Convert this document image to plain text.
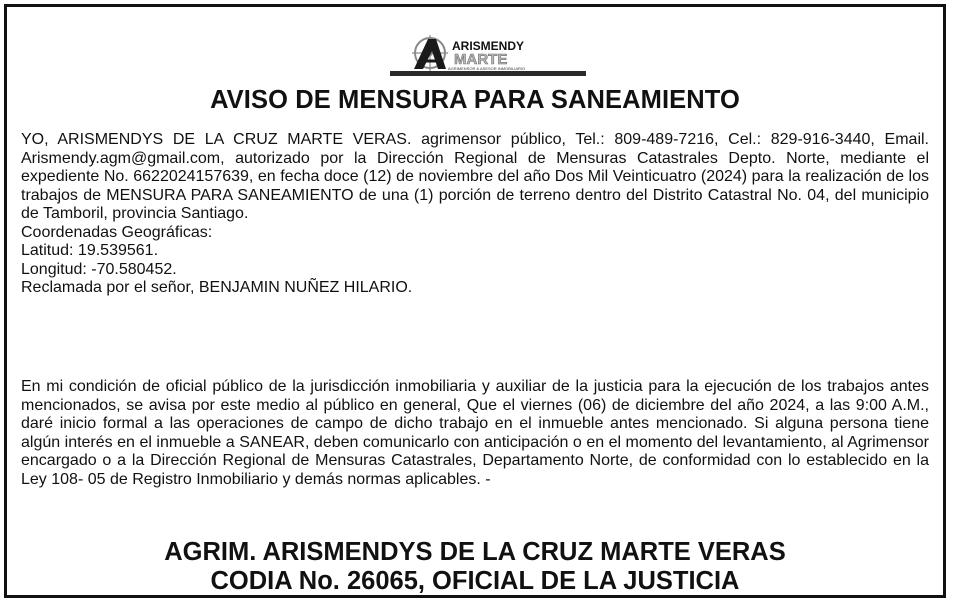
ARISMENDY
MARTE
AGRIMENSOR & ASESOR INMOBILIARIO
AVISO DE MENSURA PARA SANEAMIENTO

YO, ARISMENDYS DE LA CRUZ MARTE VERAS. agrimensor público, Tel.: 809-489-7216, Cel.: 829-916-3440, Email. Arismendy.agm@gmail.com, autorizado por la Dirección Regional de Mensuras Catastrales Depto. Norte, mediante el expediente No. 6622024157639, en fecha doce (12) de noviembre del año Dos Mil Veinticuatro (2024) para la realización de los trabajos de MENSURA PARA SANEAMIENTO de una (1) porción de terreno dentro del Distrito Catastral No. 04, del municipio de Tamboril, provincia Santiago.

Coordenadas Geográficas:
Latitud: 19.539561.
Longitud: -70.580452.
Reclamada por el señor, BENJAMIN NUÑEZ HILARIO.

En mi condición de oficial público de la jurisdicción inmobiliaria y auxiliar de la justicia para la ejecución de los trabajos antes mencionados, se avisa por este medio al público en general, Que el viernes (06) de diciembre del año 2024, a las 9:00 A.M., daré inicio formal a las operaciones de campo de dicho trabajo en el inmueble antes mencionado. Si alguna persona tiene algún interés en el inmueble a SANEAR, deben comunicarlo con anticipación o en el momento del levantamiento, al Agrimensor encargado o a la Dirección Regional de Mensuras Catastrales, Departamento Norte, de conformidad con lo establecido en la Ley 108- 05 de Registro Inmobiliario y demás normas aplicables. -

AGRIM. ARISMENDYS DE LA CRUZ MARTE VERAS
CODIA No. 26065, OFICIAL DE LA JUSTICIA
